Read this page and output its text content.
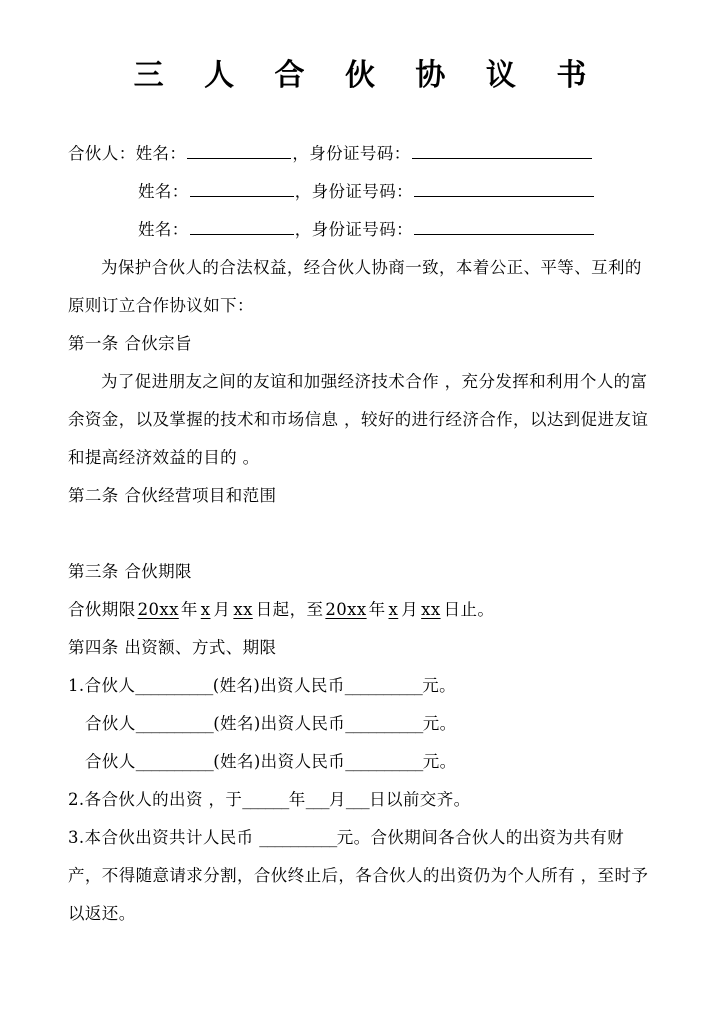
三 人 合 伙 协 议 书
合伙人：姓名：	，身份证号码：
姓名：	，身份证号码：
姓名：	，身份证号码：
为保护合伙人的合法权益，经合伙人协商一致，本着公正、平等、互利的
原则订立合作协议如下：
第一条 合伙宗旨
为了促进朋友之间的友谊和加强经济技术合作 ，充分发挥和利用个人的富
余资金，以及掌握的技术和市场信息 ，较好的进行经济合作，以达到促进友谊
和提高经济效益的目的 。
第二条 合伙经营项目和范围
第三条 合伙期限
合伙期限 20xx 年 x 月 xx 日起，至 20xx 年 x 月 xx 日止。
第四条 出资额、方式、期限
1.合伙人__________(姓名)出资人民币__________元。
合伙人__________(姓名)出资人民币__________元。
合伙人__________(姓名)出资人民币__________元。
2.各合伙人的出资 ，于______年___月___日以前交齐。
3.本合伙出资共计人民币 __________元。合伙期间各合伙人的出资为共有财
产，不得随意请求分割，合伙终止后，各合伙人的出资仍为个人所有 ，至时予
以返还。
